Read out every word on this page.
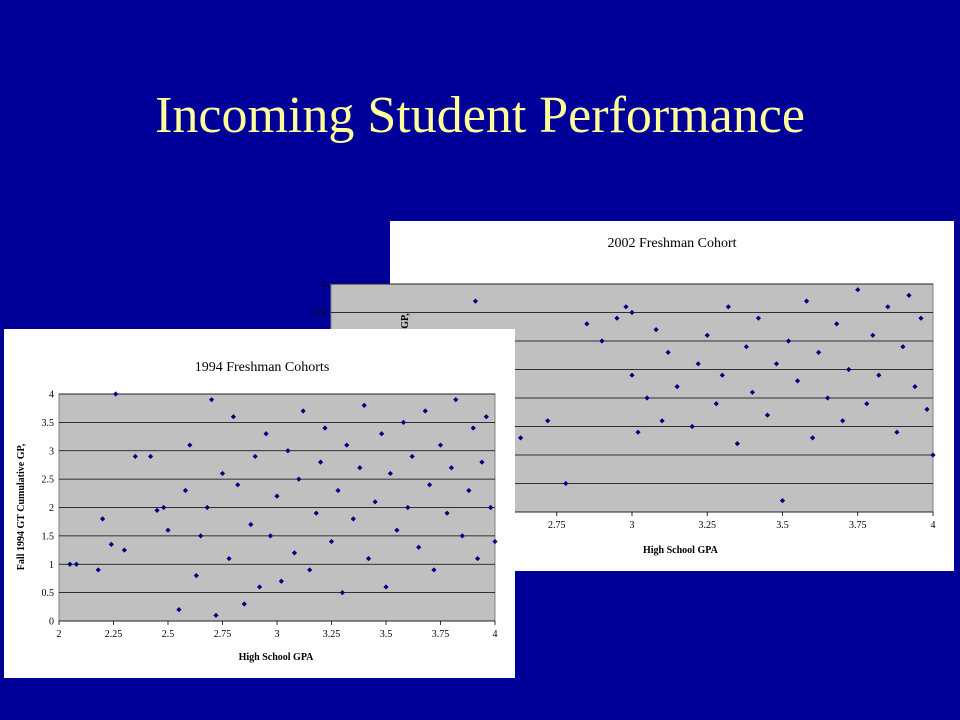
Incoming Student Performance
2002 Freshman Cohort
3.5
4
2.75	3	3.25	3.5	3.75	4
High School GPA
GP,
1994 Freshman Cohorts
0
0.5
1
1.5
2
2.5
3
3.5
4
2	2.25	2.5	2.75	3	3.25	3.5	3.75	4
High School GPA
Fall 1994 GT Cumulative GP,
